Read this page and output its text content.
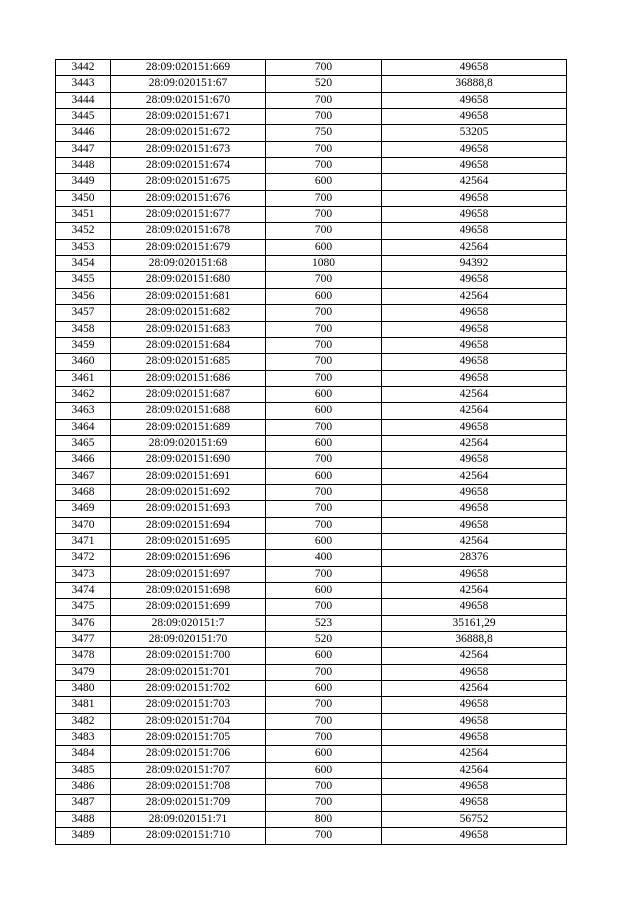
3442	28:09:020151:669	700	49658
3443	28:09:020151:67	520	36888,8
3444	28:09:020151:670	700	49658
3445	28:09:020151:671	700	49658
3446	28:09:020151:672	750	53205
3447	28:09:020151:673	700	49658
3448	28:09:020151:674	700	49658
3449	28:09:020151:675	600	42564
3450	28:09:020151:676	700	49658
3451	28:09:020151:677	700	49658
3452	28:09:020151:678	700	49658
3453	28:09:020151:679	600	42564
3454	28:09:020151:68	1080	94392
3455	28:09:020151:680	700	49658
3456	28:09:020151:681	600	42564
3457	28:09:020151:682	700	49658
3458	28:09:020151:683	700	49658
3459	28:09:020151:684	700	49658
3460	28:09:020151:685	700	49658
3461	28:09:020151:686	700	49658
3462	28:09:020151:687	600	42564
3463	28:09:020151:688	600	42564
3464	28:09:020151:689	700	49658
3465	28:09:020151:69	600	42564
3466	28:09:020151:690	700	49658
3467	28:09:020151:691	600	42564
3468	28:09:020151:692	700	49658
3469	28:09:020151:693	700	49658
3470	28:09:020151:694	700	49658
3471	28:09:020151:695	600	42564
3472	28:09:020151:696	400	28376
3473	28:09:020151:697	700	49658
3474	28:09:020151:698	600	42564
3475	28:09:020151:699	700	49658
3476	28:09:020151:7	523	35161,29
3477	28:09:020151:70	520	36888,8
3478	28:09:020151:700	600	42564
3479	28:09:020151:701	700	49658
3480	28:09:020151:702	600	42564
3481	28:09:020151:703	700	49658
3482	28:09:020151:704	700	49658
3483	28:09:020151:705	700	49658
3484	28:09:020151:706	600	42564
3485	28:09:020151:707	600	42564
3486	28:09:020151:708	700	49658
3487	28:09:020151:709	700	49658
3488	28:09:020151:71	800	56752
3489	28:09:020151:710	700	49658
